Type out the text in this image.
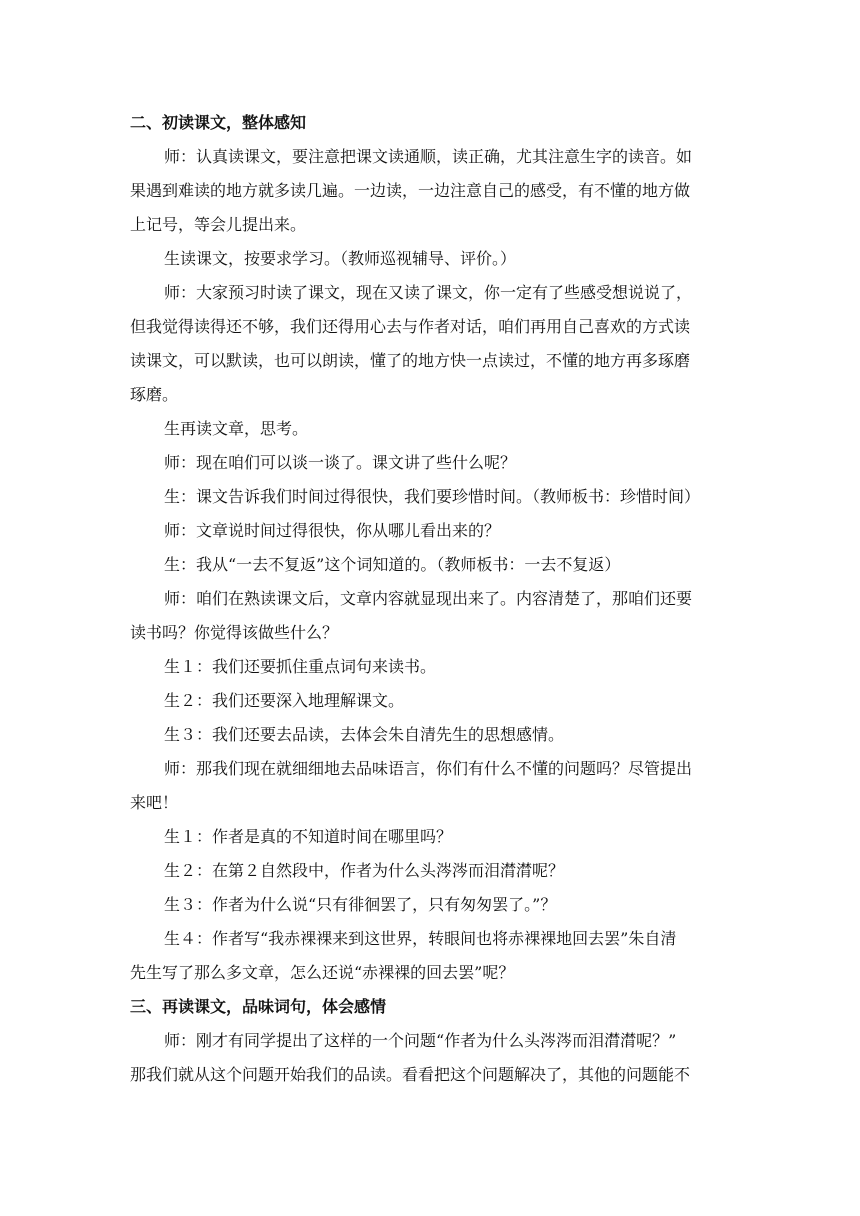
二、初读课文，整体感知
师：认真读课文，要注意把课文读通顺，读正确，尤其注意生字的读音。如
果遇到难读的地方就多读几遍。一边读，一边注意自己的感受，有不懂的地方做
上记号，等会儿提出来。
生读课文，按要求学习。（教师巡视辅导、评价。）
师：大家预习时读了课文，现在又读了课文，你一定有了些感受想说说了，
但我觉得读得还不够，我们还得用心去与作者对话，咱们再用自己喜欢的方式读
读课文，可以默读，也可以朗读，懂了的地方快一点读过，不懂的地方再多琢磨
琢磨。
生再读文章，思考。
师：现在咱们可以谈一谈了。课文讲了些什么呢？
生：课文告诉我们时间过得很快，我们要珍惜时间。（教师板书：珍惜时间）
师：文章说时间过得很快，你从哪儿看出来的？
生：我从“一去不复返”这个词知道的。（教师板书：一去不复返）
师：咱们在熟读课文后，文章内容就显现出来了。内容清楚了，那咱们还要
读书吗？你觉得该做些什么？
生１：我们还要抓住重点词句来读书。
生２：我们还要深入地理解课文。
生３：我们还要去品读，去体会朱自清先生的思想感情。
师：那我们现在就细细地去品味语言，你们有什么不懂的问题吗？尽管提出
来吧！
生１：作者是真的不知道时间在哪里吗？
生２：在第２自然段中，作者为什么头涔涔而泪潸潸呢？
生３：作者为什么说“只有徘徊罢了，只有匆匆罢了。”？
生４：作者写“我赤裸裸来到这世界，转眼间也将赤裸裸地回去罢”朱自清
先生写了那么多文章，怎么还说“赤裸裸的回去罢”呢？
三、再读课文，品味词句，体会感情
师：刚才有同学提出了这样的一个问题“作者为什么头涔涔而泪潸潸呢？”
那我们就从这个问题开始我们的品读。看看把这个问题解决了，其他的问题能不
